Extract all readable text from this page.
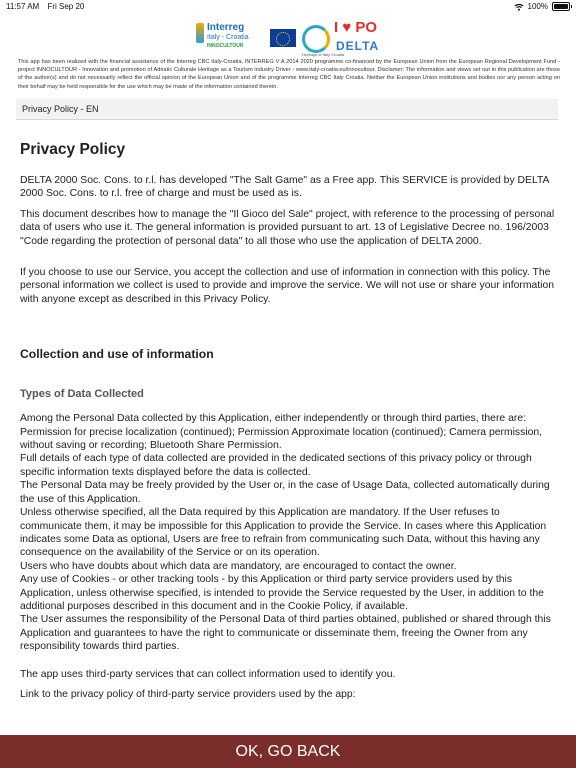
11:57 AM Fri Sep 20	100%
Interreg
Italy - Croatia
INNOCULTOUR
Heritage of Italy Croatia
I ♥ PO
DELTA
This app has been realized with the financial assistance of the Interreg CBC Italy-Croatia, INTERREG V A 2014 2020 programme co-financed by the European Union from the European Regional Development Fund - project INNOCULTOUR - Innovation and promotion of Adriatic Culturale Heritage as a Tourism industry Driver - www.italy-croatia.eu/innocultour. Disclamer: The information and views set out in this publication are those of the author(s) and do not necessarily reflect the official opinion of the European Union and of the programme Interreg CBC Italy Croatia. Neither the European Union institutions and bodies nor any person acting on their behalf may be held responsible for the use which may be made of the information contained therein.
Privacy Policy - EN
Privacy Policy

DELTA 2000 Soc. Cons. to r.l. has developed "The Salt Game" as a Free app. This SERVICE is provided by DELTA 2000 Soc. Cons. to r.l. free of charge and must be used as is.

This document describes how to manage the "Il Gioco del Sale" project, with reference to the processing of personal data of users who use it. The general information is provided pursuant to art. 13 of Legislative Decree no. 196/2003 "Code regarding the protection of personal data" to all those who use the application of DELTA 2000.

If you choose to use our Service, you accept the collection and use of information in connection with this policy. The personal information we collect is used to provide and improve the service. We will not use or share your information with anyone except as described in this Privacy Policy.

Collection and use of information
Types of Data Collected

Among the Personal Data collected by this Application, either independently or through third parties, there are: Permission for precise localization (continued); Permission Approximate location (continued); Camera permission, without saving or recording; Bluetooth Share Permission.

Full details of each type of data collected are provided in the dedicated sections of this privacy policy or through specific information texts displayed before the data is collected.

The Personal Data may be freely provided by the User or, in the case of Usage Data, collected automatically during the use of this Application.

Unless otherwise specified, all the Data required by this Application are mandatory. If the User refuses to communicate them, it may be impossible for this Application to provide the Service. In cases where this Application indicates some Data as optional, Users are free to refrain from communicating such Data, without this having any consequence on the availability of the Service or on its operation.

Users who have doubts about which data are mandatory, are encouraged to contact the owner.

Any use of Cookies - or other tracking tools - by this Application or third party service providers used by this Application, unless otherwise specified, is intended to provide the Service requested by the User, in addition to the additional purposes described in this document and in the Cookie Policy, if available.

The User assumes the responsibility of the Personal Data of third parties obtained, published or shared through this Application and guarantees to have the right to communicate or disseminate them, freeing the Owner from any responsibility towards third parties.

The app uses third-party services that can collect information used to identify you.

Link to the privacy policy of third-party service providers used by the app:

OK, GO BACK
